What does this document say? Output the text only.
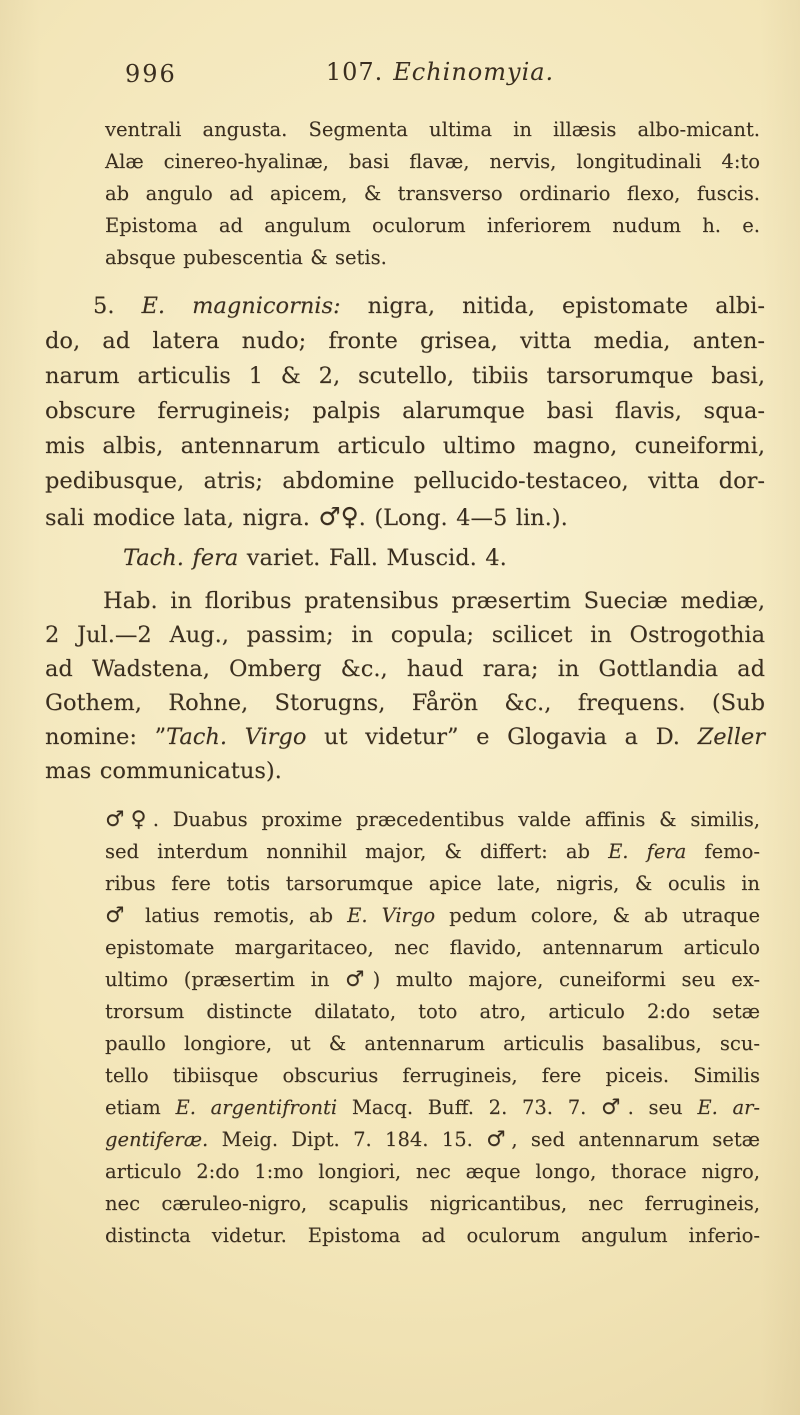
996	107. Echinomyia.
ventrali angusta. Segmenta ultima in illæsis albo-micant.
Alæ cinereo-hyalinæ, basi flavæ, nervis, longitudinali 4:to
ab angulo ad apicem, & transverso ordinario flexo, fuscis.
Epistoma ad angulum oculorum inferiorem nudum h. e.
absque pubescentia & setis.
5. E. magnicornis: nigra, nitida, epistomate albi-
do, ad latera nudo; fronte grisea, vitta media, anten-
narum articulis 1 & 2, scutello, tibiis tarsorumque basi,
obscure ferrugineis; palpis alarumque basi flavis, squa-
mis albis, antennarum articulo ultimo magno, cuneiformi,
pedibusque, atris; abdomine pellucido-testaceo, vitta dor-
sali modice lata, nigra. ♂♀. (Long. 4—5 lin.).
Tach. fera variet. Fall. Muscid. 4.
Hab. in floribus pratensibus præsertim Sueciæ mediæ,
2 Jul.—2 Aug., passim; in copula; scilicet in Ostrogothia
ad Wadstena, Omberg &c., haud rara; in Gottlandia ad
Gothem, Rohne, Storugns, Fårön &c., frequens. (Sub
nomine: ”Tach. Virgo ut videtur” e Glogavia a D. Zeller
mas communicatus).
♂♀. Duabus proxime præcedentibus valde affinis & similis,
sed interdum nonnihil major, & differt: ab E. fera femo-
ribus fere totis tarsorumque apice late, nigris, & oculis in
♂ latius remotis, ab E. Virgo pedum colore, & ab utraque
epistomate margaritaceo, nec flavido, antennarum articulo
ultimo (præsertim in ♂) multo majore, cuneiformi seu ex-
trorsum distincte dilatato, toto atro, articulo 2:do setæ
paullo longiore, ut & antennarum articulis basalibus, scu-
tello tibiisque obscurius ferrugineis, fere piceis. Similis
etiam E. argentifronti Macq. Buff. 2. 73. 7. ♂. seu E. ar-
gentiferæ. Meig. Dipt. 7. 184. 15. ♂, sed antennarum setæ
articulo 2:do 1:mo longiori, nec æque longo, thorace nigro,
nec cæruleo-nigro, scapulis nigricantibus, nec ferrugineis,
distincta videtur. Epistoma ad oculorum angulum inferio-
